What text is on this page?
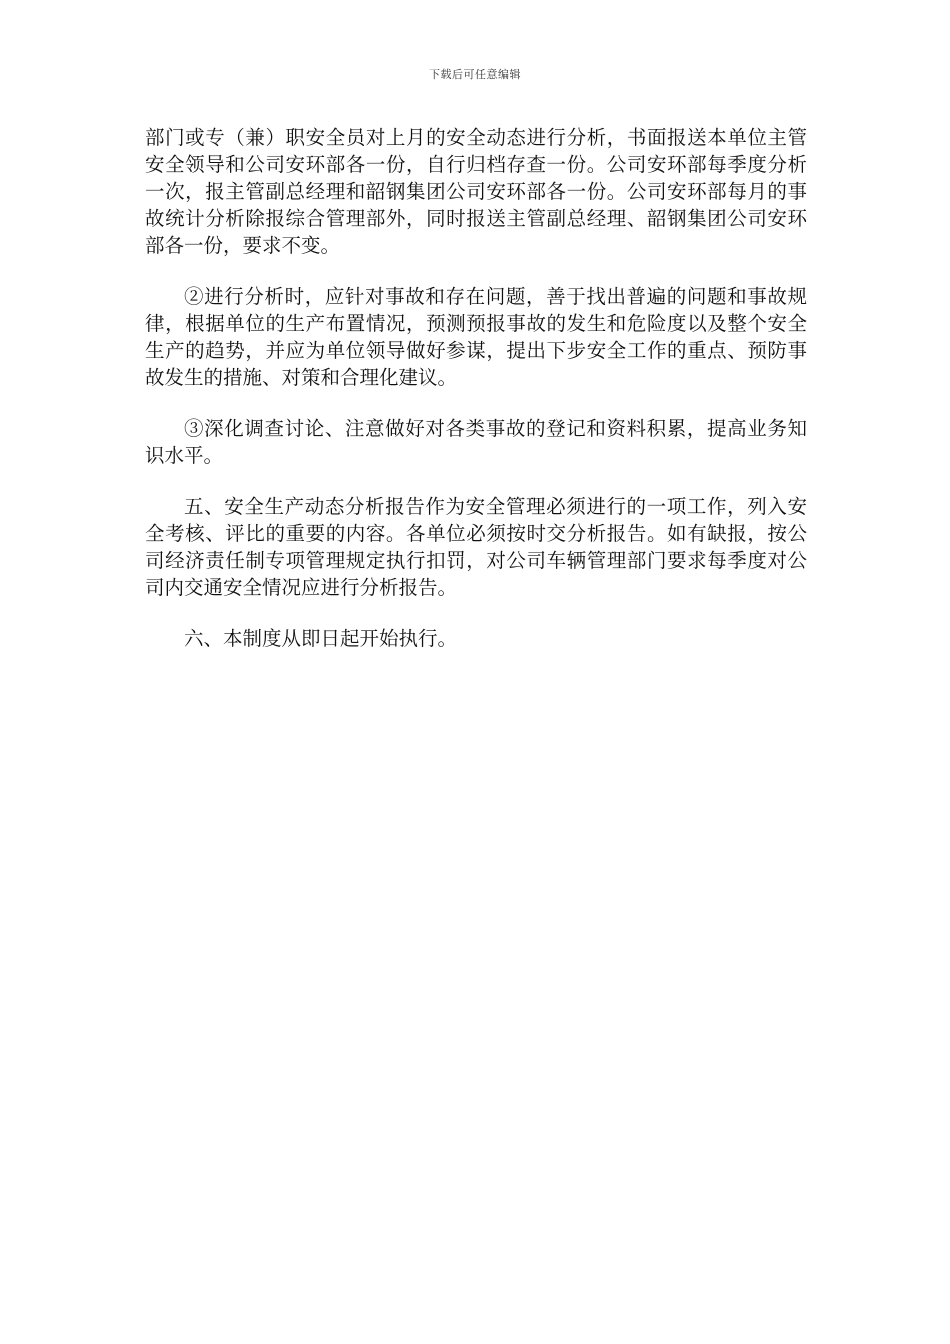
下载后可任意编辑

部门或专（兼）职安全员对上月的安全动态进行分析，书面报送本单位主管安全领导和公司安环部各一份，自行归档存查一份。公司安环部每季度分析一次，报主管副总经理和韶钢集团公司安环部各一份。公司安环部每月的事故统计分析除报综合管理部外，同时报送主管副总经理、韶钢集团公司安环部各一份，要求不变。

②进行分析时，应针对事故和存在问题，善于找出普遍的问题和事故规律，根据单位的生产布置情况，预测预报事故的发生和危险度以及整个安全生产的趋势，并应为单位领导做好参谋，提出下步安全工作的重点、预防事故发生的措施、对策和合理化建议。

③深化调查讨论、注意做好对各类事故的登记和资料积累，提高业务知识水平。

五、安全生产动态分析报告作为安全管理必须进行的一项工作，列入安全考核、评比的重要的内容。各单位必须按时交分析报告。如有缺报，按公司经济责任制专项管理规定执行扣罚，对公司车辆管理部门要求每季度对公司内交通安全情况应进行分析报告。

六、本制度从即日起开始执行。
